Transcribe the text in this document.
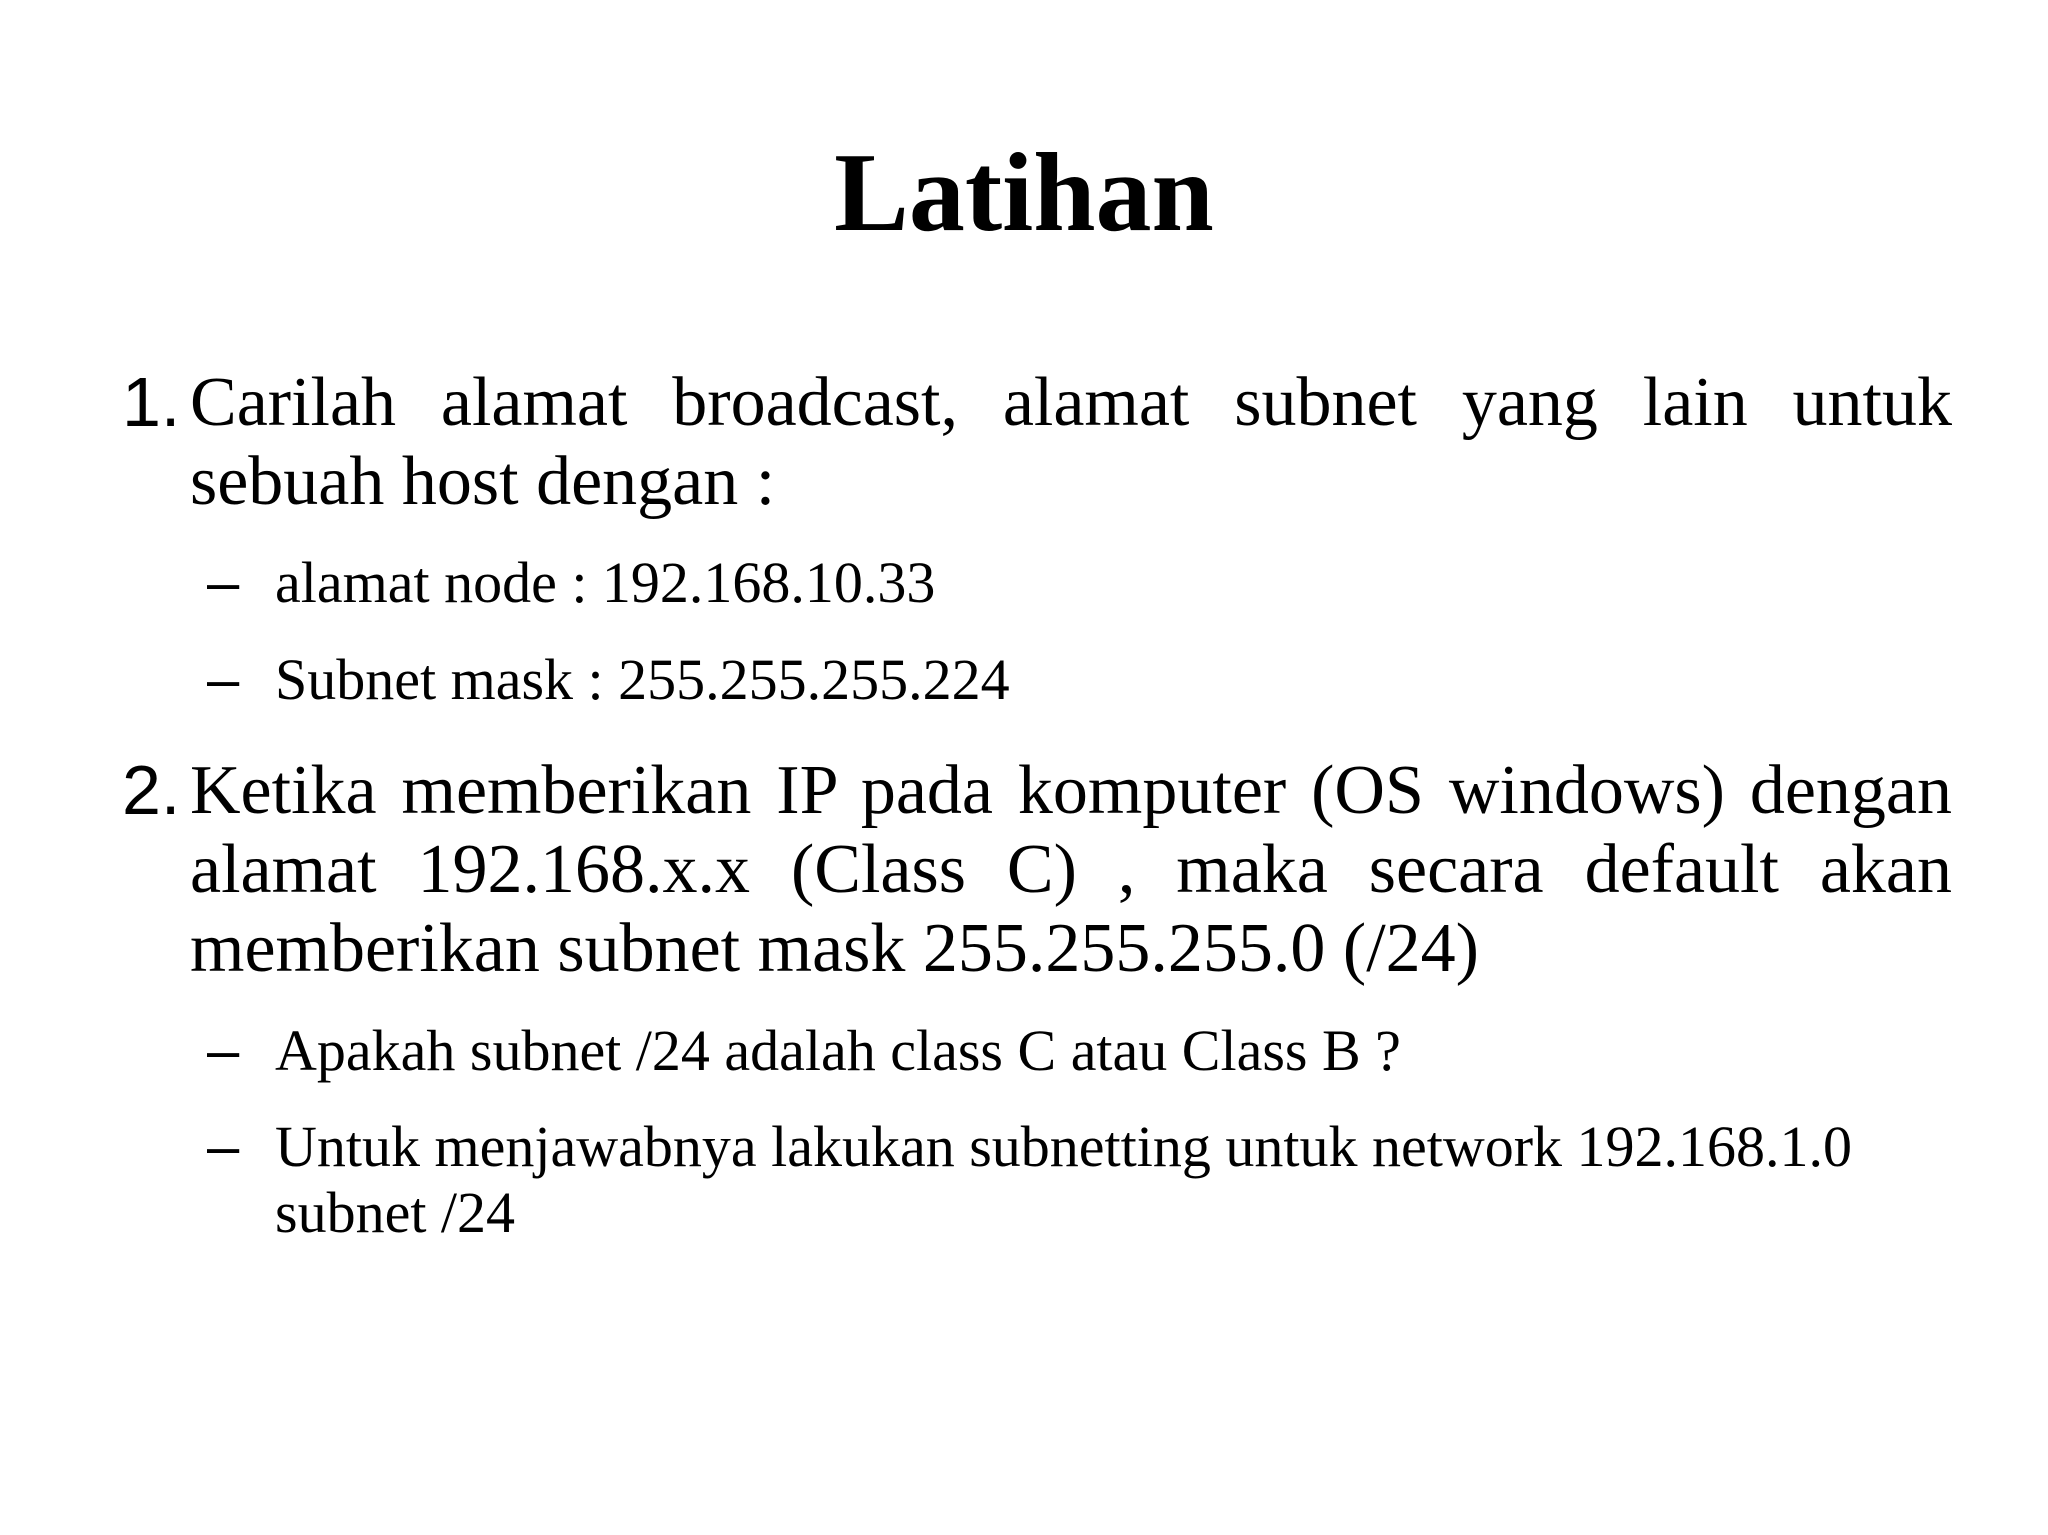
Latihan
1. Carilah alamat broadcast, alamat subnet yang lain untuk sebuah host dengan :
– alamat node : 192.168.10.33
– Subnet mask : 255.255.255.224
2. Ketika memberikan IP pada komputer (OS windows) dengan alamat 192.168.x.x (Class C) , maka secara default akan memberikan subnet mask 255.255.255.0 (/24)
– Apakah subnet /24 adalah class C atau Class B ?
– Untuk menjawabnya lakukan subnetting untuk network 192.168.1.0 subnet /24
